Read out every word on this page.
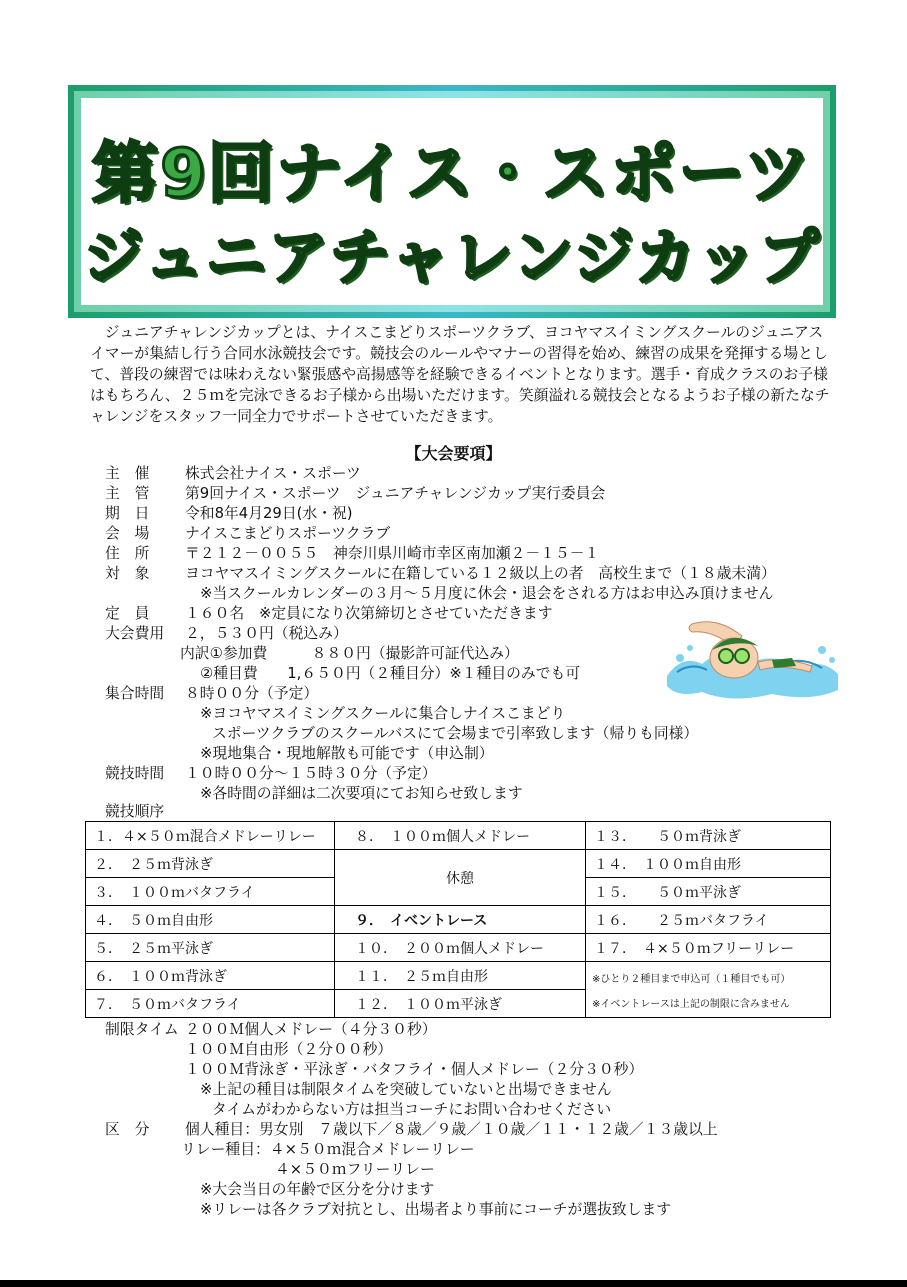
第9回ナイス・スポーツ
ジュニアチャレンジカップ
ジュニアチャレンジカップとは、ナイスこまどりスポーツクラブ、ヨコヤマスイミングスクールのジュニアスイマーが集結し行う合同水泳競技会です。競技会のルールやマナーの習得を始め、練習の成果を発揮する場として、普段の練習では味わえない緊張感や高揚感等を経験できるイベントとなります。選手・育成クラスのお子様はもちろん、２５ｍを完泳できるお子様から出場いただけます。笑顔溢れる競技会となるようお子様の新たなチャレンジをスタッフ一同全力でサポートさせていただきます。
【大会要項】
主　催 株式会社ナイス・スポーツ
主　管 第9回ナイス・スポーツ　ジュニアチャレンジカップ実行委員会
期　日 令和8年4月29日(水・祝)
会　場 ナイスこまどりスポーツクラブ
住　所 〒２１２－００５５　神奈川県川崎市幸区南加瀬２－１５－１
対　象 ヨコヤマスイミングスクールに在籍している１２級以上の者　高校生まで（１８歳未満）
※当スクールカレンダーの３月～５月度に休会・退会をされる方はお申込み頂けません
定　員 １６０名　※定員になり次第締切とさせていただきます
大会費用 ２，５３０円（税込み）
内訳①参加費　　　８８０円（撮影許可証代込み）
②種目費　　1,６５０円（２種目分）※１種目のみでも可
集合時間 ８時００分（予定）
※ヨコヤマスイミングスクールに集合しナイスこまどり
スポーツクラブのスクールバスにて会場まで引率致します（帰りも同様）
※現地集合・現地解散も可能です（申込制）
競技時間 １０時００分～１５時３０分（予定）
※各時間の詳細は二次要項にてお知らせ致します
競技順序
１．４×５０ｍ混合メドレーリレー	８．　１００ｍ個人メドレー	１３．　　５０ｍ背泳ぎ
２．　２５ｍ背泳ぎ	休憩	１４．　１００ｍ自由形
３．　１００ｍバタフライ		１５．　　５０ｍ平泳ぎ
４．　５０ｍ自由形	９．　イベントレース	１６．　　２５ｍバタフライ
５．　２５ｍ平泳ぎ	１０．　２００ｍ個人メドレー	１７．　４×５０ｍフリーリレー
６．　１００ｍ背泳ぎ	１１．　２５ｍ自由形	※ひとり２種目まで申込可（１種目でも可）
※イベントレースは上記の制限に含みません

７．　５０ｍバタフライ	１２．　１００ｍ平泳ぎ	
制限タイム ２００Ｍ個人メドレー（４分３０秒）
１００Ｍ自由形（２分００秒）
１００Ｍ背泳ぎ・平泳ぎ・バタフライ・個人メドレー（２分３０秒）
※上記の種目は制限タイムを突破していないと出場できません
タイムがわからない方は担当コーチにお問い合わせください
区　分 個人種目：男女別　７歳以下／８歳／９歳／１０歳／１１・１２歳／１３歳以上
リレー種目：４×５０ｍ混合メドレーリレー
４×５０ｍフリーリレー
※大会当日の年齢で区分を分けます
※リレーは各クラブ対抗とし、出場者より事前にコーチが選抜致します
